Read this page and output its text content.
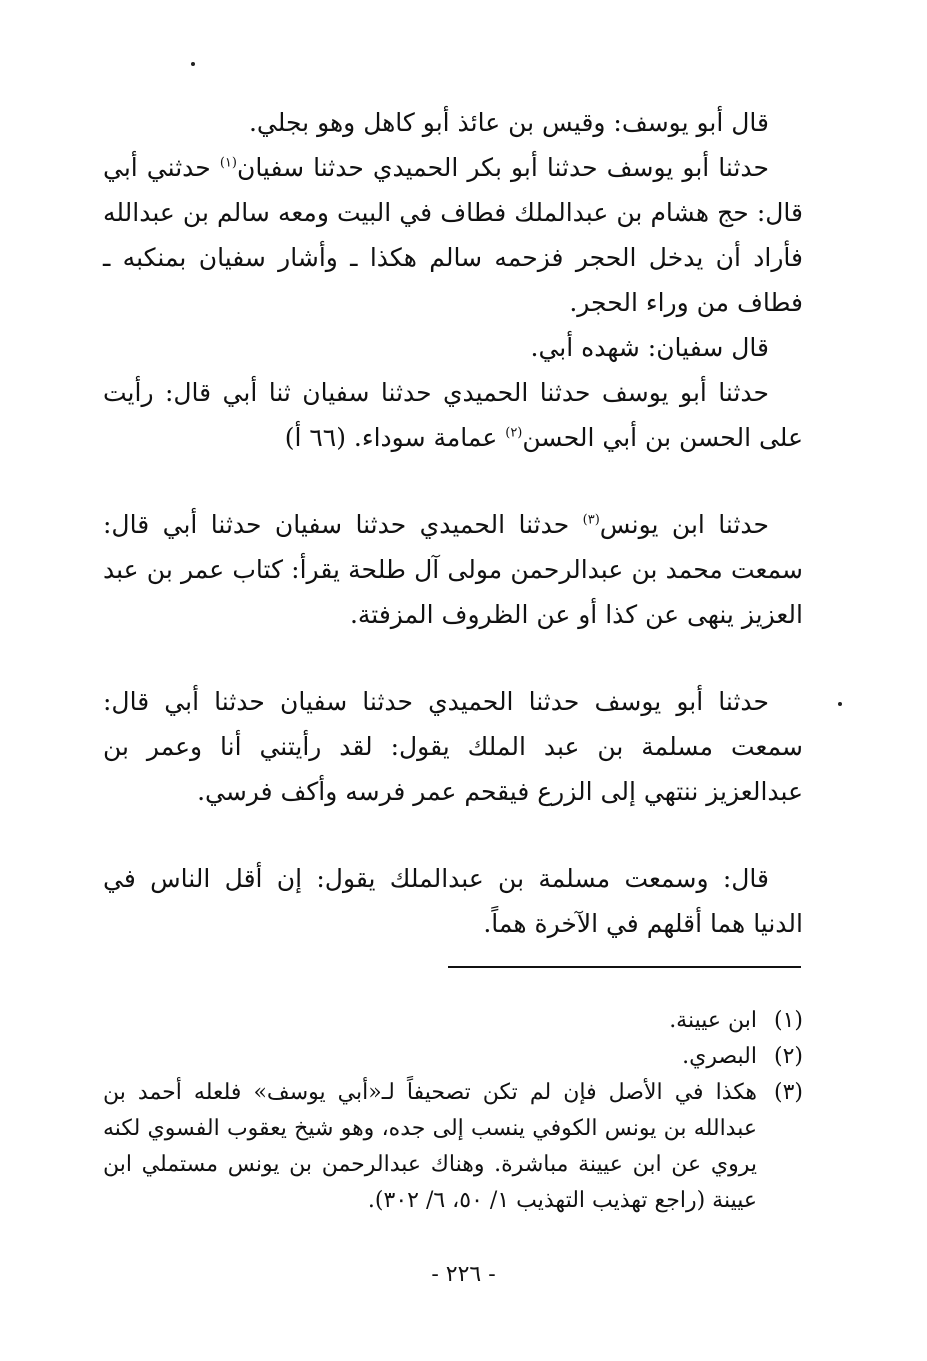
قال أبو يوسف: وقيس بن عائذ أبو كاهل وهو بجلي.

حدثنا أبو يوسف حدثنا أبو بكر الحميدي حدثنا سفيان$^{(١)}$ حدثني أبي قال: حج هشام بن عبدالملك فطاف في البيت ومعه سالم بن عبدالله فأراد أن يدخل الحجر فزحمه سالم هكذا ـ وأشار سفيان بمنكبه ـ فطاف من وراء الحجر.

قال سفيان: شهده أبي.

حدثنا أبو يوسف حدثنا الحميدي حدثنا سفيان ثنا أبي قال: رأيت على الحسن بن أبي الحسن$^{(٢)}$ عمامة سوداء. (٦٦ أ)

حدثنا ابن يونس$^{(٣)}$ حدثنا الحميدي حدثنا سفيان حدثنا أبي قال: سمعت محمد بن عبدالرحمن مولى آل طلحة يقرأ: كتاب عمر بن عبد العزيز ينهى عن كذا أو عن الظروف المزفتة.

حدثنا أبو يوسف حدثنا الحميدي حدثنا سفيان حدثنا أبي قال: سمعت مسلمة بن عبد الملك يقول: لقد رأيتني أنا وعمر بن عبدالعزيز ننتهي إلى الزرع فيقحم عمر فرسه وأكف فرسي.

قال: وسمعت مسلمة بن عبدالملك يقول: إن أقل الناس في الدنيا هما أقلهم في الآخرة هماً.

(١)
ابن عيينة.
(٢)
البصري.
(٣)
هكذا في الأصل فإن لم تكن تصحيفاً لـ«أبي يوسف» فلعله أحمد بن عبدالله بن يونس الكوفي ينسب إلى جده، وهو شيخ يعقوب الفسوي لكنه يروي عن ابن عيينة مباشرة. وهناك عبدالرحمن بن يونس مستملي ابن عيينة (راجع تهذيب التهذيب ١/ ٥٠، ٦/ ٣٠٢).
- ٢٢٦ -
